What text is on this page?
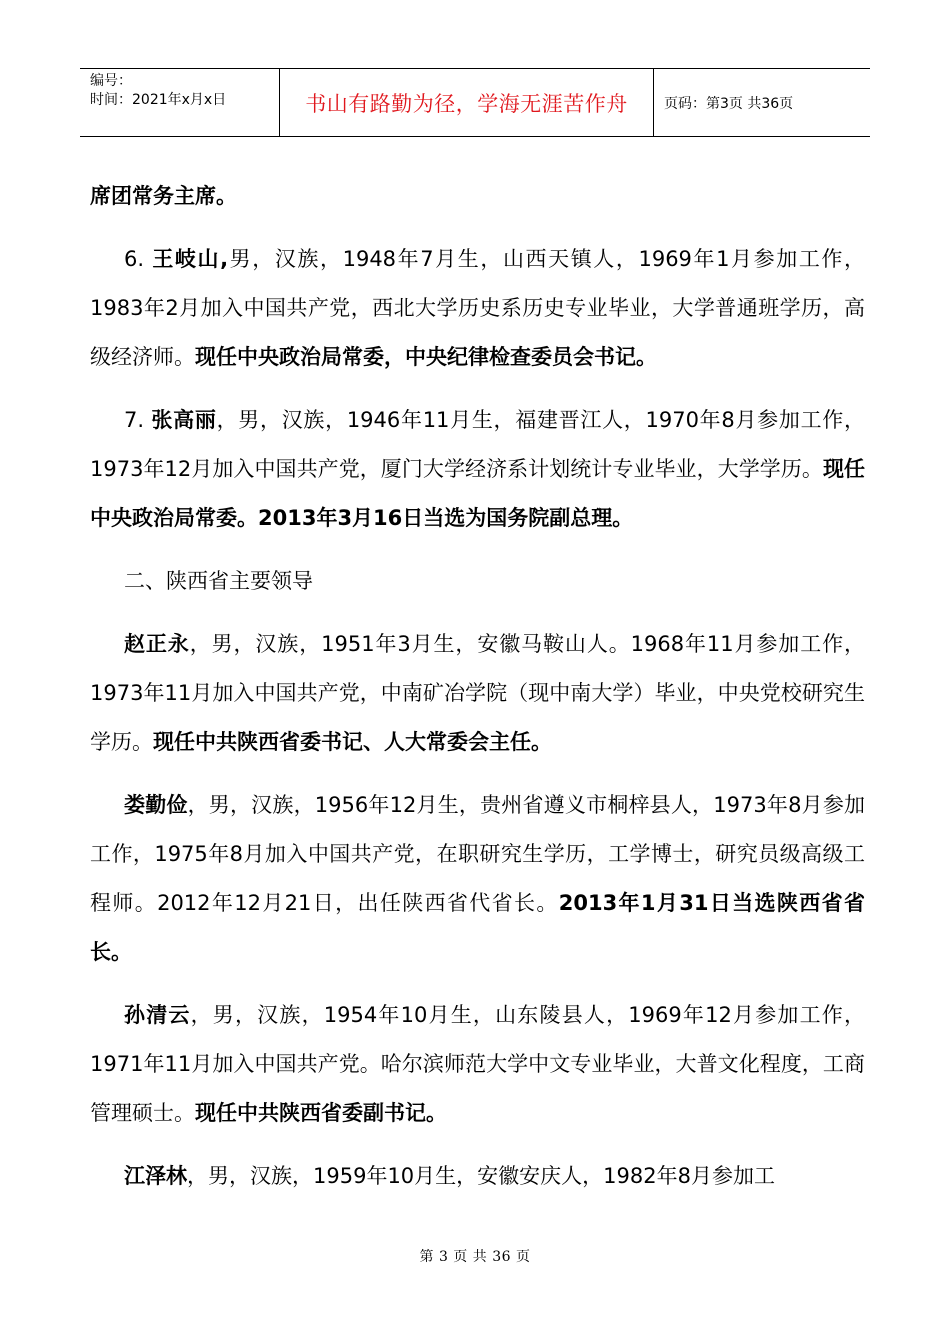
编号：
时间：2021年x月x日	书山有路勤为径，学海无涯苦作舟	页码：第3页 共36页

席团常务主席。

6. 王岐山,男，汉族，1948年7月生，山西天镇人，1969年1月参加工作，1983年2月加入中国共产党，西北大学历史系历史专业毕业，大学普通班学历，高级经济师。现任中央政治局常委，中央纪律检查委员会书记。

7. 张高丽，男，汉族，1946年11月生，福建晋江人，1970年8月参加工作，1973年12月加入中国共产党，厦门大学经济系计划统计专业毕业，大学学历。现任中央政治局常委。2013年3月16日当选为国务院副总理。

二、陕西省主要领导

赵正永，男，汉族，1951年3月生，安徽马鞍山人。1968年11月参加工作，1973年11月加入中国共产党，中南矿冶学院（现中南大学）毕业，中央党校研究生学历。现任中共陕西省委书记、人大常委会主任。

娄勤俭，男，汉族，1956年12月生，贵州省遵义市桐梓县人，1973年8月参加工作，1975年8月加入中国共产党，在职研究生学历，工学博士，研究员级高级工程师。2012年12月21日，出任陕西省代省长。2013年1月31日当选陕西省省长。

孙清云，男，汉族，1954年10月生，山东陵县人，1969年12月参加工作，1971年11月加入中国共产党。哈尔滨师范大学中文专业毕业，大普文化程度，工商管理硕士。现任中共陕西省委副书记。

江泽林，男，汉族，1959年10月生，安徽安庆人，1982年8月参加工

第 3 页 共 36 页
